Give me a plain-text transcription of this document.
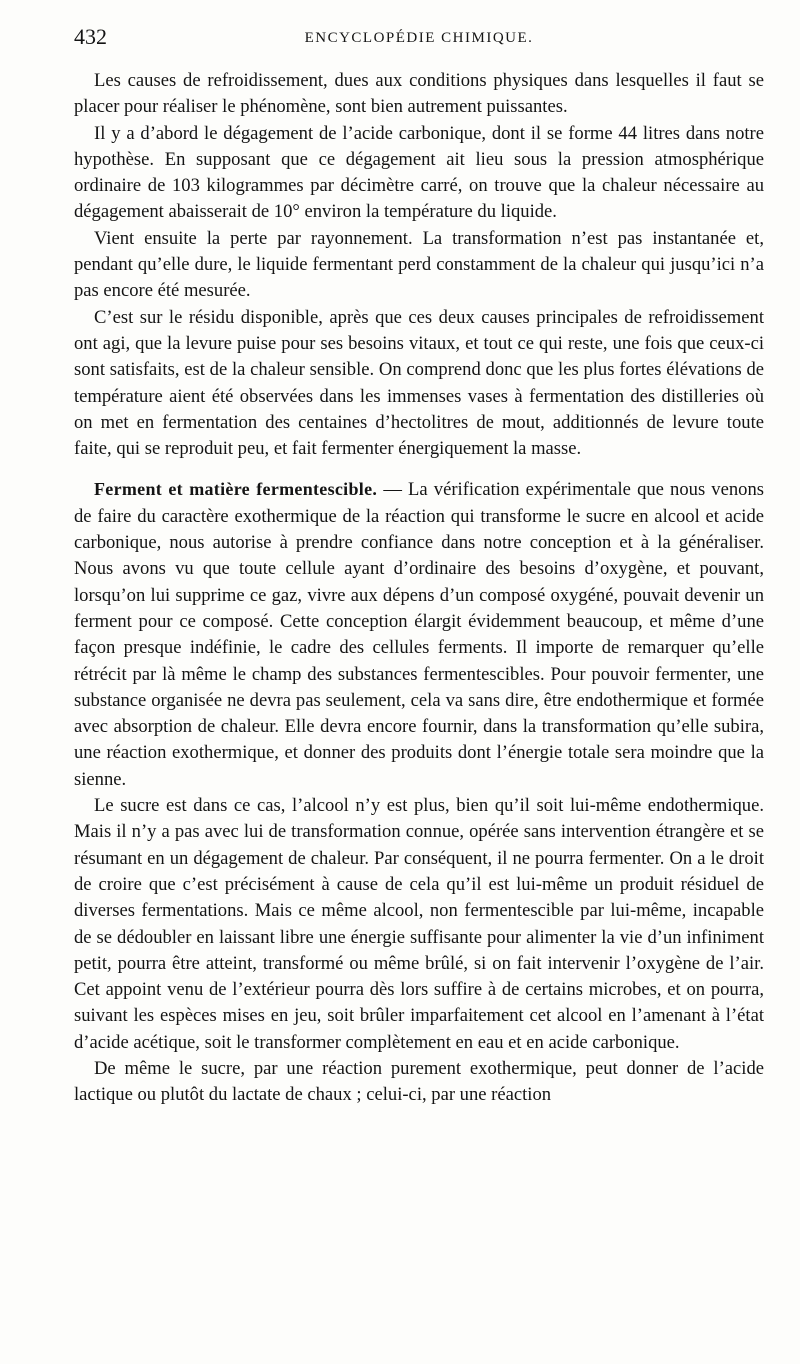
432	ENCYCLOPÉDIE CHIMIQUE.

Les causes de refroidissement, dues aux conditions physiques dans lesquelles il faut se placer pour réaliser le phénomène, sont bien autrement puissantes.

Il y a d’abord le dégagement de l’acide carbonique, dont il se forme 44 litres dans notre hypothèse. En supposant que ce dégagement ait lieu sous la pression atmosphérique ordinaire de 103 kilogrammes par décimètre carré, on trouve que la chaleur nécessaire au dégagement abaisserait de 10° environ la température du liquide.

Vient ensuite la perte par rayonnement. La transformation n’est pas instantanée et, pendant qu’elle dure, le liquide fermentant perd constamment de la chaleur qui jusqu’ici n’a pas encore été mesurée.

C’est sur le résidu disponible, après que ces deux causes principales de refroidissement ont agi, que la levure puise pour ses besoins vitaux, et tout ce qui reste, une fois que ceux-ci sont satisfaits, est de la chaleur sensible. On comprend donc que les plus fortes élévations de température aient été observées dans les immenses vases à fermentation des distilleries où on met en fermentation des centaines d’hectolitres de mout, additionnés de levure toute faite, qui se reproduit peu, et fait fermenter énergiquement la masse.

Ferment et matière fermentescible. — La vérification expérimentale que nous venons de faire du caractère exothermique de la réaction qui transforme le sucre en alcool et acide carbonique, nous autorise à prendre confiance dans notre conception et à la généraliser. Nous avons vu que toute cellule ayant d’ordinaire des besoins d’oxygène, et pouvant, lorsqu’on lui supprime ce gaz, vivre aux dépens d’un composé oxygéné, pouvait devenir un ferment pour ce composé. Cette conception élargit évidemment beaucoup, et même d’une façon presque indéfinie, le cadre des cellules ferments. Il importe de remarquer qu’elle rétrécit par là même le champ des substances fermentescibles. Pour pouvoir fermenter, une substance organisée ne devra pas seulement, cela va sans dire, être endothermique et formée avec absorption de chaleur. Elle devra encore fournir, dans la transformation qu’elle subira, une réaction exothermique, et donner des produits dont l’énergie totale sera moindre que la sienne.

Le sucre est dans ce cas, l’alcool n’y est plus, bien qu’il soit lui-même endothermique. Mais il n’y a pas avec lui de transformation connue, opérée sans intervention étrangère et se résumant en un dégagement de chaleur. Par conséquent, il ne pourra fermenter. On a le droit de croire que c’est précisément à cause de cela qu’il est lui-même un produit résiduel de diverses fermentations. Mais ce même alcool, non fermentescible par lui-même, incapable de se dédoubler en laissant libre une énergie suffisante pour alimenter la vie d’un infiniment petit, pourra être atteint, transformé ou même brûlé, si on fait intervenir l’oxygène de l’air. Cet appoint venu de l’extérieur pourra dès lors suffire à de certains microbes, et on pourra, suivant les espèces mises en jeu, soit brûler imparfaitement cet alcool en l’amenant à l’état d’acide acétique, soit le transformer complètement en eau et en acide carbonique.

De même le sucre, par une réaction purement exothermique, peut donner de l’acide lactique ou plutôt du lactate de chaux ; celui-ci, par une réaction
